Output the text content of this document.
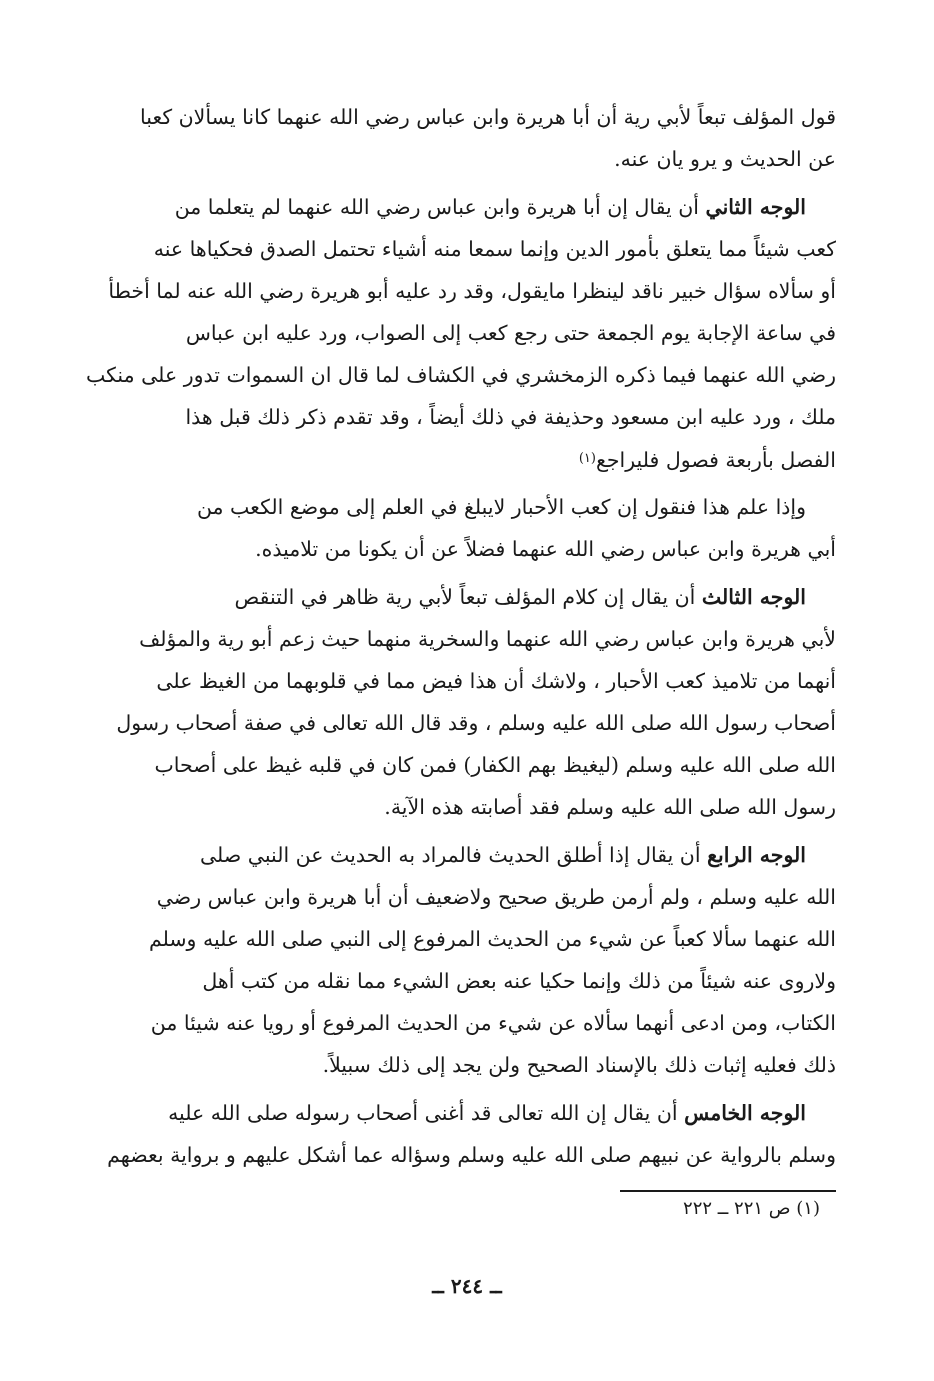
قول المؤلف تبعاً لأبي رية أن أبا هريرة وابن عباس رضي الله عنهما كانا يسألان كعبا
عن الحديث و يرو يان عنه.
الوجه الثاني أن يقال إن أبا هريرة وابن عباس رضي الله عنهما لم يتعلما من
كعب شيئاً مما يتعلق بأمور الدين وإنما سمعا منه أشياء تحتمل الصدق فحكياها عنه
أو سألاه سؤال خبير ناقد لينظرا مايقول، وقد رد عليه أبو هريرة رضي الله عنه لما أخطأ
في ساعة الإجابة يوم الجمعة حتى رجع كعب إلى الصواب، ورد عليه ابن عباس
رضي الله عنهما فيما ذكره الزمخشري في الكشاف لما قال ان السموات تدور على منكب
ملك ، ورد عليه ابن مسعود وحذيفة في ذلك أيضاً ، وقد تقدم ذكر ذلك قبل هذا
الفصل بأربعة فصول فليراجع$^{(١)}$
وإذا علم هذا فنقول إن كعب الأحبار لايبلغ في العلم إلى موضع الكعب من
أبي هريرة وابن عباس رضي الله عنهما فضلاً عن أن يكونا من تلاميذه.
الوجه الثالث أن يقال إن كلام المؤلف تبعاً لأبي رية ظاهر في التنقص
لأبي هريرة وابن عباس رضي الله عنهما والسخرية منهما حيث زعم أبو رية والمؤلف
أنهما من تلاميذ كعب الأحبار ، ولاشك أن هذا فيض مما في قلوبهما من الغيظ على
أصحاب رسول الله صلى الله عليه وسلم ، وقد قال الله تعالى في صفة أصحاب رسول
الله صلى الله عليه وسلم (ليغيظ بهم الكفار) فمن كان في قلبه غيظ على أصحاب
رسول الله صلى الله عليه وسلم فقد أصابته هذه الآية.
الوجه الرابع أن يقال إذا أطلق الحديث فالمراد به الحديث عن النبي صلى
الله عليه وسلم ، ولم أرمن طريق صحيح ولاضعيف أن أبا هريرة وابن عباس رضي
الله عنهما سألا كعباً عن شيء من الحديث المرفوع إلى النبي صلى الله عليه وسلم
ولاروى عنه شيئاً من ذلك وإنما حكيا عنه بعض الشيء مما نقله من كتب أهل
الكتاب، ومن ادعى أنهما سألاه عن شيء من الحديث المرفوع أو رويا عنه شيئا من
ذلك فعليه إثبات ذلك بالإسناد الصحيح ولن يجد إلى ذلك سبيلاً.
الوجه الخامس أن يقال إن الله تعالى قد أغنى أصحاب رسوله صلى الله عليه
وسلم بالرواية عن نبيهم صلى الله عليه وسلم وسؤاله عما أشكل عليهم و برواية بعضهم
(١) ص ٢٢١ ــ ٢٢٢
ــ ٢٤٤ ــ
